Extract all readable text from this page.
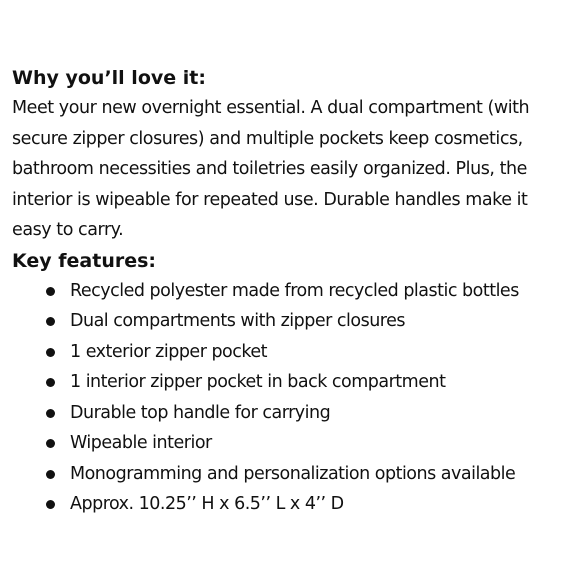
Why you’ll love it:

Meet your new overnight essential. A dual compartment (with secure zipper closures) and multiple pockets keep cosmetics, bathroom necessities and toiletries easily organized. Plus, the interior is wipeable for repeated use. Durable handles make it easy to carry.

Key features:
Recycled polyester made from recycled plastic bottles
Dual compartments with zipper closures
1 exterior zipper pocket
1 interior zipper pocket in back compartment
Durable top handle for carrying
Wipeable interior
Monogramming and personalization options available
Approx. 10.25’’ H x 6.5’’ L x 4’’ D
